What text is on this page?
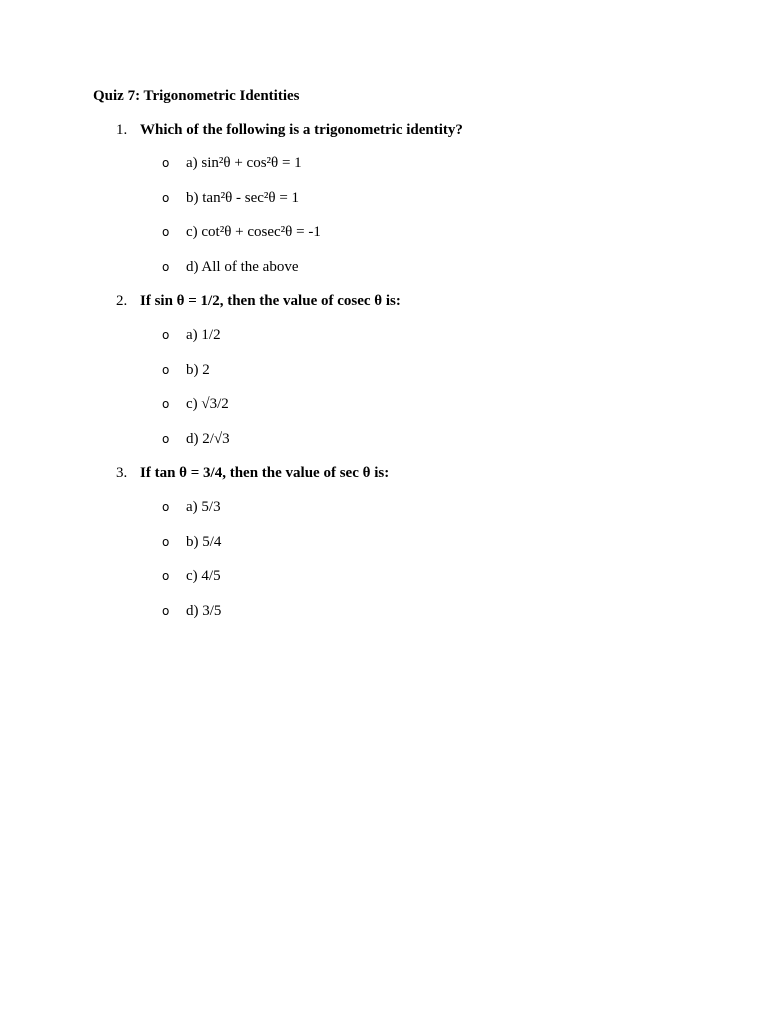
Quiz 7: Trigonometric Identities
1. Which of the following is a trigonometric identity?
o a) sin²θ + cos²θ = 1
o b) tan²θ - sec²θ = 1
o c) cot²θ + cosec²θ = -1
o d) All of the above
2. If sin θ = 1/2, then the value of cosec θ is:
o a) 1/2
o b) 2
o c) √3/2
o d) 2/√3
3. If tan θ = 3/4, then the value of sec θ is:
o a) 5/3
o b) 5/4
o c) 4/5
o d) 3/5
